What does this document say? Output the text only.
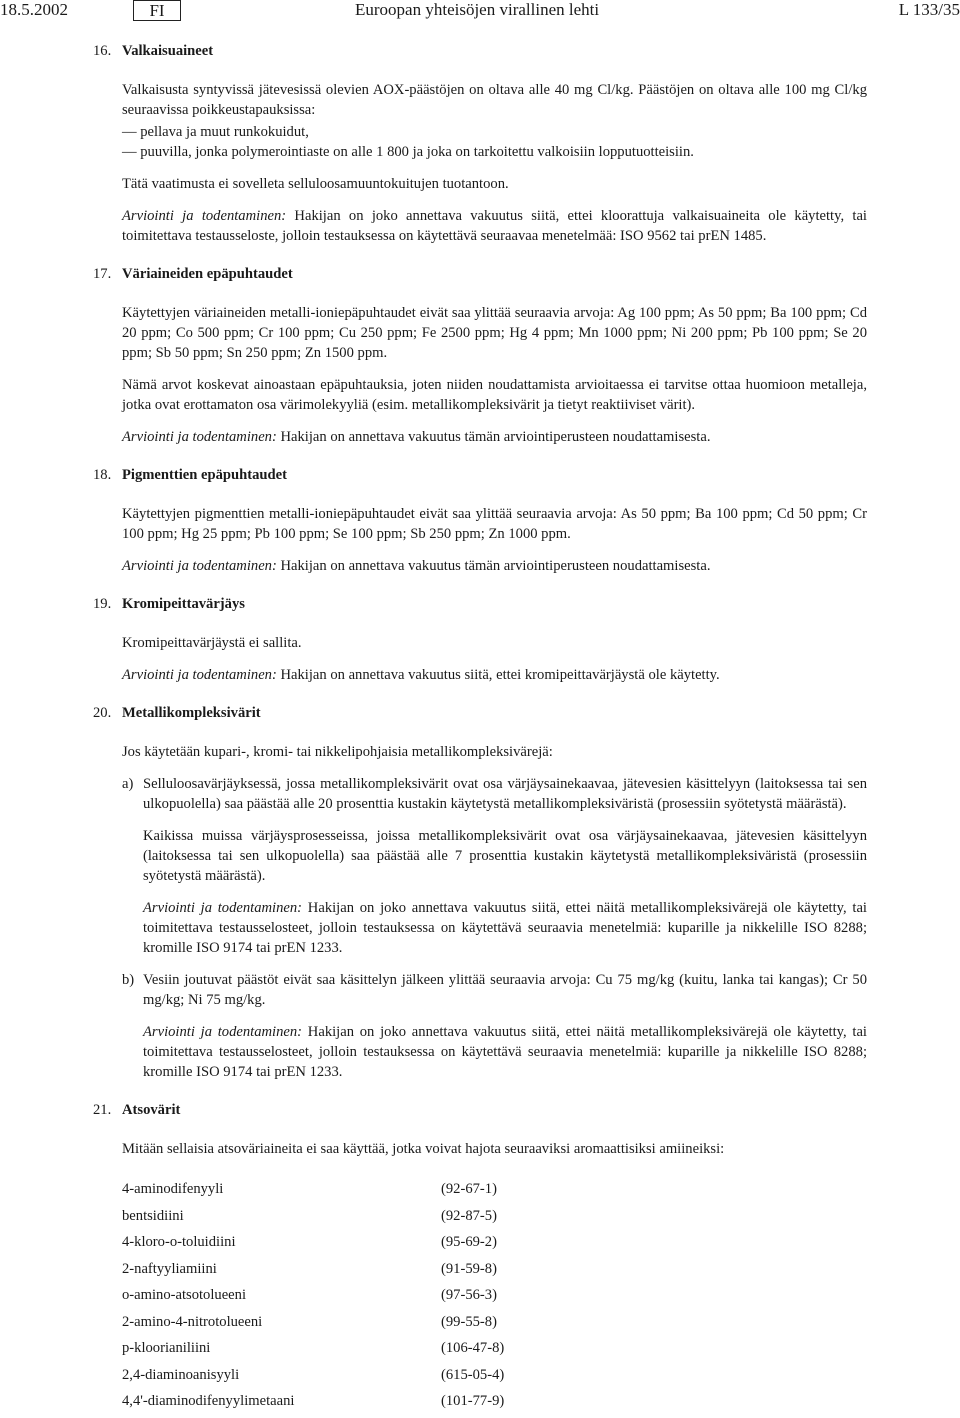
18.5.2002	FI	Euroopan yhteisöjen virallinen lehti	L 133/35
16. Valkaisuaineet

Valkaisusta syntyvissä jätevesissä olevien AOX-päästöjen on oltava alle 40 mg Cl/kg. Päästöjen on oltava alle 100 mg Cl/kg seuraavissa poikkeustapauksissa:

— pellava ja muut runkokuidut,
— puuvilla, jonka polymerointiaste on alle 1 800 ja joka on tarkoitettu valkoisiin lopputuotteisiin.

Tätä vaatimusta ei sovelleta selluloosamuuntokuitujen tuotantoon.

Arviointi ja todentaminen: Hakijan on joko annettava vakuutus siitä, ettei kloorattuja valkaisuaineita ole käytetty, tai toimitettava testausseloste, jolloin testauksessa on käytettävä seuraavaa menetelmää: ISO 9562 tai prEN 1485.

17. Väriaineiden epäpuhtaudet

Käytettyjen väriaineiden metalli-ioniepäpuhtaudet eivät saa ylittää seuraavia arvoja: Ag 100 ppm; As 50 ppm; Ba 100 ppm; Cd 20 ppm; Co 500 ppm; Cr 100 ppm; Cu 250 ppm; Fe 2500 ppm; Hg 4 ppm; Mn 1000 ppm; Ni 200 ppm; Pb 100 ppm; Se 20 ppm; Sb 50 ppm; Sn 250 ppm; Zn 1500 ppm.

Nämä arvot koskevat ainoastaan epäpuhtauksia, joten niiden noudattamista arvioitaessa ei tarvitse ottaa huomioon metalleja, jotka ovat erottamaton osa värimolekyyliä (esim. metallikompleksivärit ja tietyt reaktiiviset värit).

Arviointi ja todentaminen: Hakijan on annettava vakuutus tämän arviointiperusteen noudattamisesta.

18. Pigmenttien epäpuhtaudet

Käytettyjen pigmenttien metalli-ioniepäpuhtaudet eivät saa ylittää seuraavia arvoja: As 50 ppm; Ba 100 ppm; Cd 50 ppm; Cr 100 ppm; Hg 25 ppm; Pb 100 ppm; Se 100 ppm; Sb 250 ppm; Zn 1000 ppm.

Arviointi ja todentaminen: Hakijan on annettava vakuutus tämän arviointiperusteen noudattamisesta.

19. Kromipeittavärjäys

Kromipeittavärjäystä ei sallita.

Arviointi ja todentaminen: Hakijan on annettava vakuutus siitä, ettei kromipeittavärjäystä ole käytetty.

20. Metallikompleksivärit

Jos käytetään kupari-, kromi- tai nikkelipohjaisia metallikompleksivärejä:

a) Selluloosavärjäyksessä, jossa metallikompleksivärit ovat osa värjäysainekaavaa, jätevesien käsittelyyn (laitoksessa tai sen ulkopuolella) saa päästää alle 20 prosenttia kustakin käytetystä metallikompleksiväristä (prosessiin syötetystä määrästä).

Kaikissa muissa värjäysprosesseissa, joissa metallikompleksivärit ovat osa värjäysainekaavaa, jätevesien käsittelyyn (laitoksessa tai sen ulkopuolella) saa päästää alle 7 prosenttia kustakin käytetystä metallikompleksiväristä (prosessiin syötetystä määrästä).

Arviointi ja todentaminen: Hakijan on joko annettava vakuutus siitä, ettei näitä metallikompleksivärejä ole käytetty, tai toimitettava testausselosteet, jolloin testauksessa on käytettävä seuraavia menetelmiä: kuparille ja nikkelille ISO 8288; kromille ISO 9174 tai prEN 1233.

b) Vesiin joutuvat päästöt eivät saa käsittelyn jälkeen ylittää seuraavia arvoja: Cu 75 mg/kg (kuitu, lanka tai kangas); Cr 50 mg/kg; Ni 75 mg/kg.

Arviointi ja todentaminen: Hakijan on joko annettava vakuutus siitä, ettei näitä metallikompleksivärejä ole käytetty, tai toimitettava testausselosteet, jolloin testauksessa on käytettävä seuraavia menetelmiä: kuparille ja nikkelille ISO 8288; kromille ISO 9174 tai prEN 1233.

21. Atsovärit

Mitään sellaisia atsoväriaineita ei saa käyttää, jotka voivat hajota seuraaviksi aromaattisiksi amiineiksi:

4-aminodifenyyli	(92-67-1)
bentsidiini	(92-87-5)
4-kloro-o-toluidiini	(95-69-2)
2-naftyyliamiini	(91-59-8)
o-amino-atsotolueeni	(97-56-3)
2-amino-4-nitrotolueeni	(99-55-8)
p-kloorianiliini	(106-47-8)
2,4-diaminoanisyyli	(615-05-4)
4,4'-diaminodifenyylimetaani	(101-77-9)
